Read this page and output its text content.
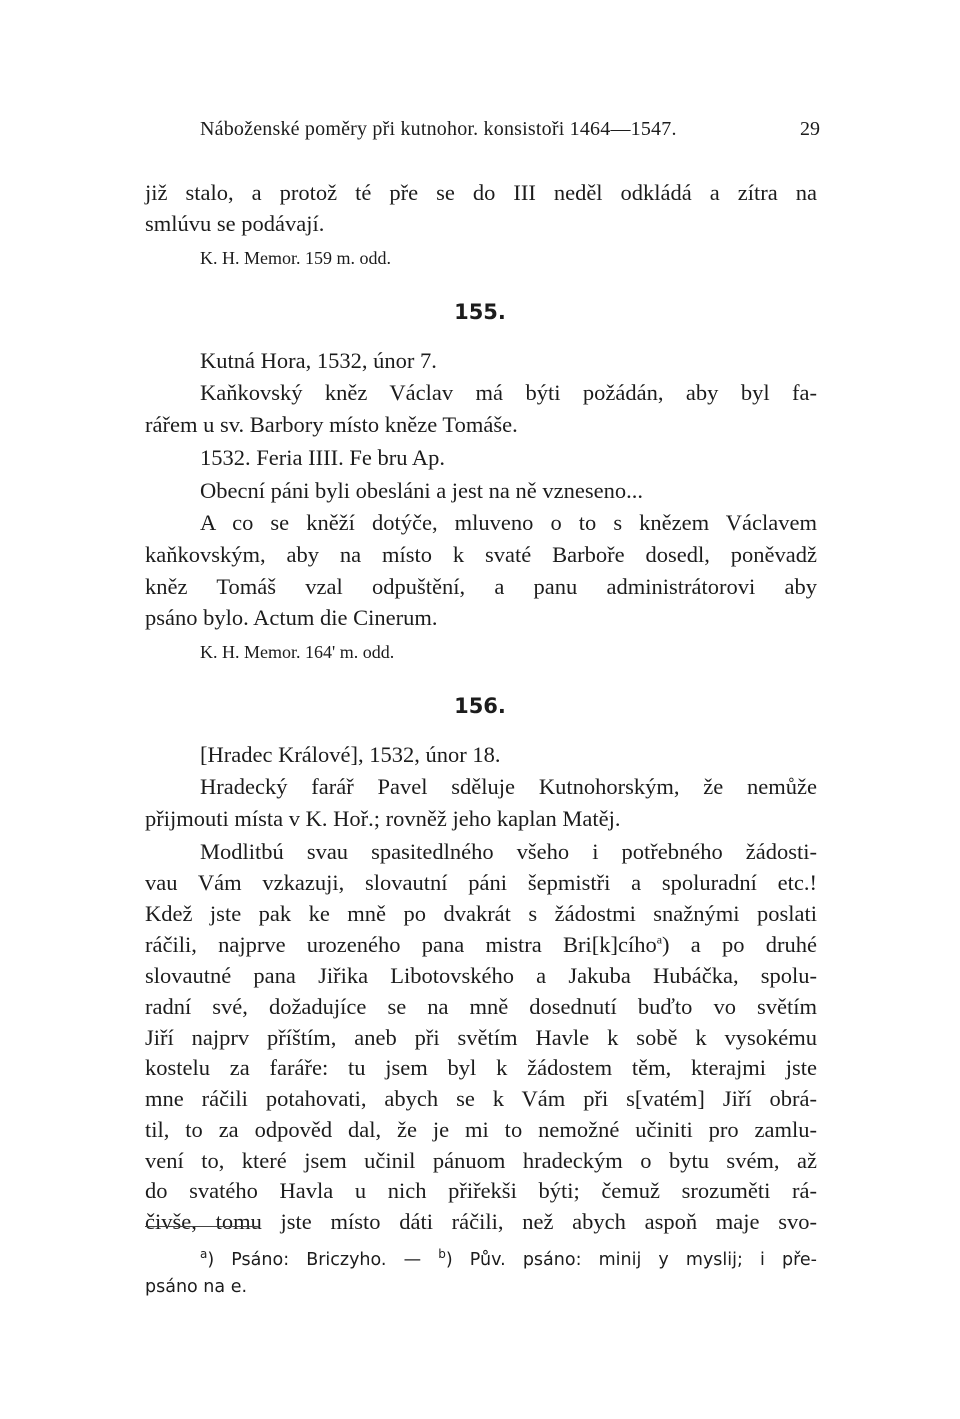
Náboženské poměry při kutnohor. konsistoři 1464—1547.	29
již stalo, a protož té pře se do III neděl odkládá a zítra na
smlúvu se podávají.
K. H. Memor. 159 m. odd.
155.
Kutná Hora, 1532, únor 7.
Kaňkovský kněz Václav má býti požádán, aby byl fa-
rářem u sv. Barbory místo kněze Tomáše.
1532. Feria IIII. Fe bru Ap.
Obecní páni byli obesláni a jest na ně vzneseno...
A co se kněží dotýče, mluveno o to s knězem Václavem
kaňkovským, aby na místo k svaté Barboře dosedl, poněvadž
kněz Tomáš vzal odpuštění, a panu administrátorovi aby
psáno bylo. Actum die Cinerum.
K. H. Memor. 164' m. odd.
156.
[Hradec Králové], 1532, únor 18.
Hradecký farář Pavel sděluje Kutnohorským, že nemůže
přijmouti místa v K. Hoř.; rovněž jeho kaplan Matěj.
Modlitbú svau spasitedlného všeho i potřebného žádosti-
vau Vám vzkazuji, slovautní páni šepmistři a spoluradní etc.!
Kdež jste pak ke mně po dvakrát s žádostmi snažnými poslati
ráčili, najprve urozeného pana mistra Bri[k]cího$^a$) a po druhé
slovautné pana Jiřika Libotovského a Jakuba Hubáčka, spolu-
radní své, dožadujíce se na mně dosednutí buďto vo světím
Jiří najprv příštím, aneb při světím Havle k sobě k vysokému
kostelu za faráře: tu jsem byl k žádostem těm, kterajmi jste
mne ráčili potahovati, abych se k Vám při s[vatém] Jiří obrá-
til, to za odpověd dal, že je mi to nemožné učiniti pro zamlu-
vení to, které jsem učinil pánuom hradeckým o bytu svém, až
do svatého Havla u nich přiřekši býti; čemuž srozuměti rá-
čivše, tomu jste místo dáti ráčili, než abych aspoň maje svo-
$^a$) Psáno: Briczyho. — $^b$) Pův. psáno: minij y myslij; i pře-
psáno na e.
